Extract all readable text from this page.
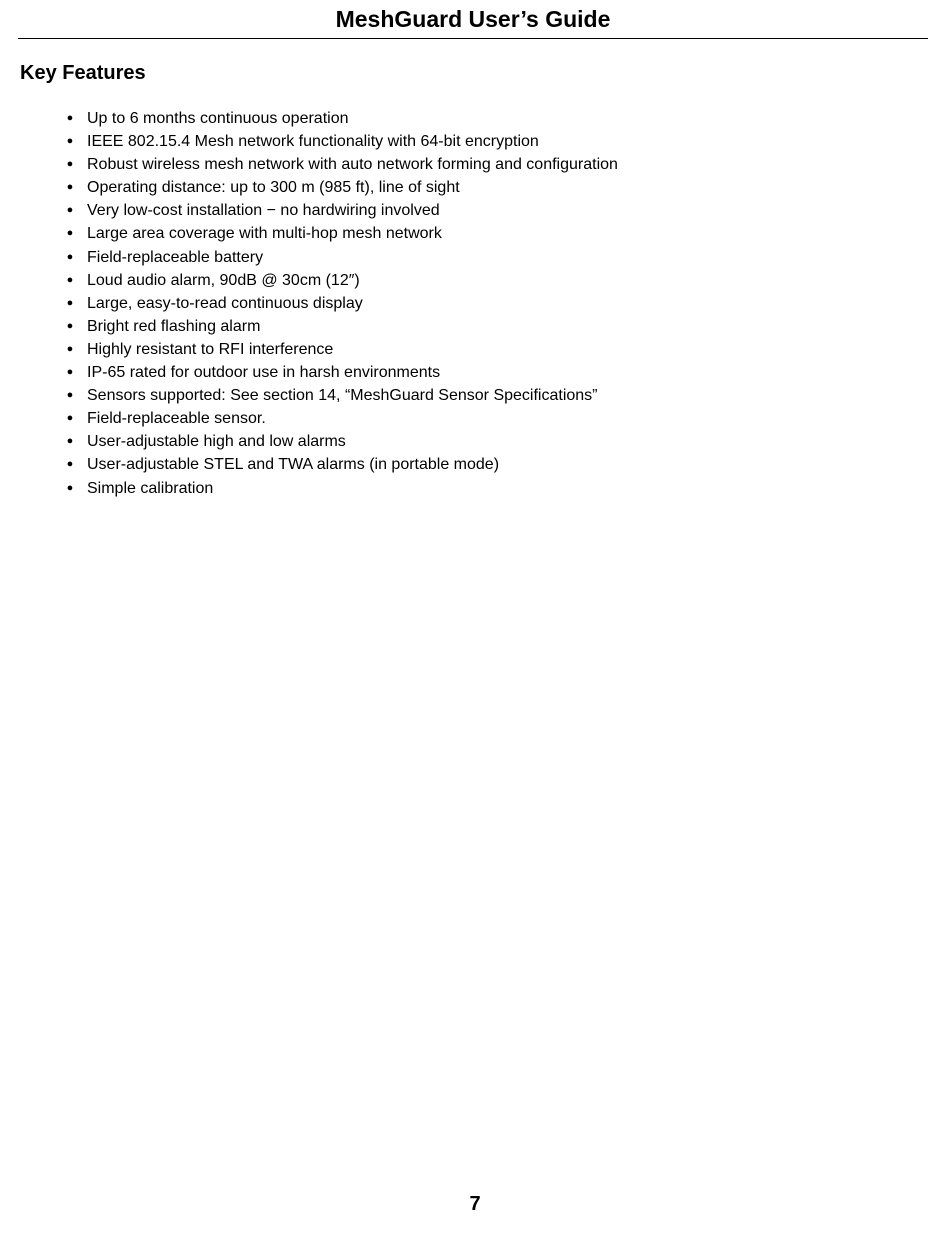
MeshGuard User’s Guide
Key Features
● Up to 6 months continuous operation
● IEEE 802.15.4 Mesh network functionality with 64-bit encryption
● Robust wireless mesh network with auto network forming and configuration
● Operating distance: up to 300 m (985 ft), line of sight
● Very low-cost installation − no hardwiring involved
● Large area coverage with multi-hop mesh network
● Field-replaceable battery
● Loud audio alarm, 90dB @ 30cm (12″)
● Large, easy-to-read continuous display
● Bright red flashing alarm
● Highly resistant to RFI interference
● IP-65 rated for outdoor use in harsh environments
● Sensors supported: See section 14, “MeshGuard Sensor Specifications”
● Field-replaceable sensor.
● User-adjustable high and low alarms
● User-adjustable STEL and TWA alarms (in portable mode)
● Simple calibration
7
